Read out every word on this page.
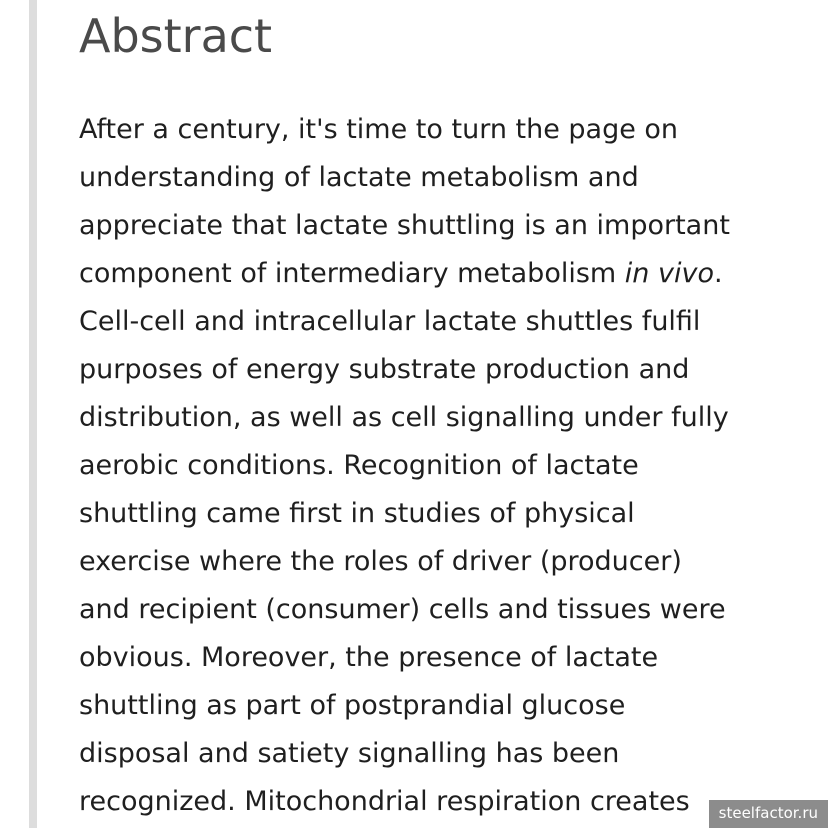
Abstract
After a century, it's time to turn the page on
understanding of lactate metabolism and
appreciate that lactate shuttling is an important
component of intermediary metabolism in vivo.
Cell-cell and intracellular lactate shuttles fulfil
purposes of energy substrate production and
distribution, as well as cell signalling under fully
aerobic conditions. Recognition of lactate
shuttling came first in studies of physical
exercise where the roles of driver (producer)
and recipient (consumer) cells and tissues were
obvious. Moreover, the presence of lactate
shuttling as part of postprandial glucose
disposal and satiety signalling has been
recognized. Mitochondrial respiration creates	steelfactor.ru
